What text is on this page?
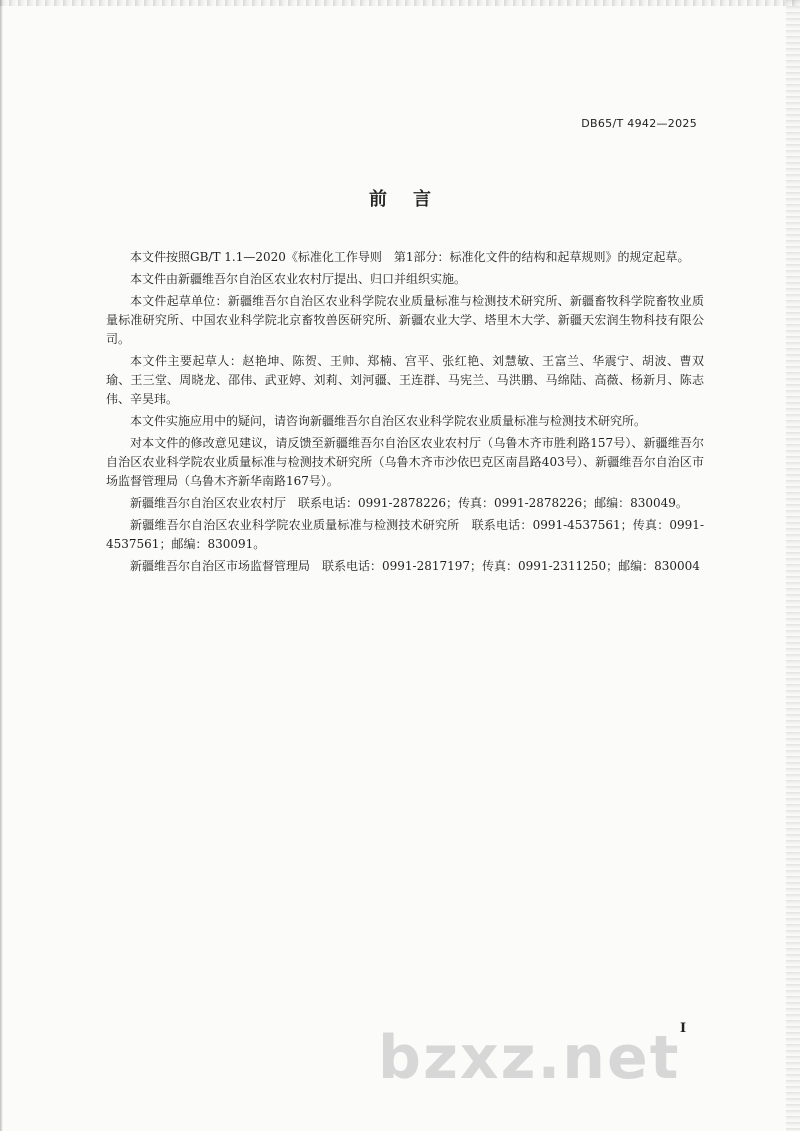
DB65/T 4942—2025
前言

本文件按照GB/T 1.1—2020《标准化工作导则　第1部分：标准化文件的结构和起草规则》的规定起草。

本文件由新疆维吾尔自治区农业农村厅提出、归口并组织实施。

本文件起草单位：新疆维吾尔自治区农业科学院农业质量标准与检测技术研究所、新疆畜牧科学院畜牧业质量标准研究所、中国农业科学院北京畜牧兽医研究所、新疆农业大学、塔里木大学、新疆天宏润生物科技有限公司。

本文件主要起草人：赵艳坤、陈贺、王帅、郑楠、宫平、张红艳、刘慧敏、王富兰、华震宁、胡波、曹双瑜、王三堂、周晓龙、邵伟、武亚婷、刘莉、刘河疆、王连群、马宪兰、马洪鹏、马绵陆、高薇、杨新月、陈志伟、辛昊玮。

本文件实施应用中的疑问，请咨询新疆维吾尔自治区农业科学院农业质量标准与检测技术研究所。

对本文件的修改意见建议，请反馈至新疆维吾尔自治区农业农村厅（乌鲁木齐市胜利路157号）、新疆维吾尔自治区农业科学院农业质量标准与检测技术研究所（乌鲁木齐市沙依巴克区南昌路403号）、新疆维吾尔自治区市场监督管理局（乌鲁木齐新华南路167号）。

新疆维吾尔自治区农业农村厅　联系电话：0991-2878226；传真：0991-2878226；邮编：830049。

新疆维吾尔自治区农业科学院农业质量标准与检测技术研究所　联系电话：0991-4537561；传真：0991-4537561；邮编：830091。

新疆维吾尔自治区市场监督管理局　联系电话：0991-2817197；传真：0991-2311250；邮编：830004

bzxz.net I
